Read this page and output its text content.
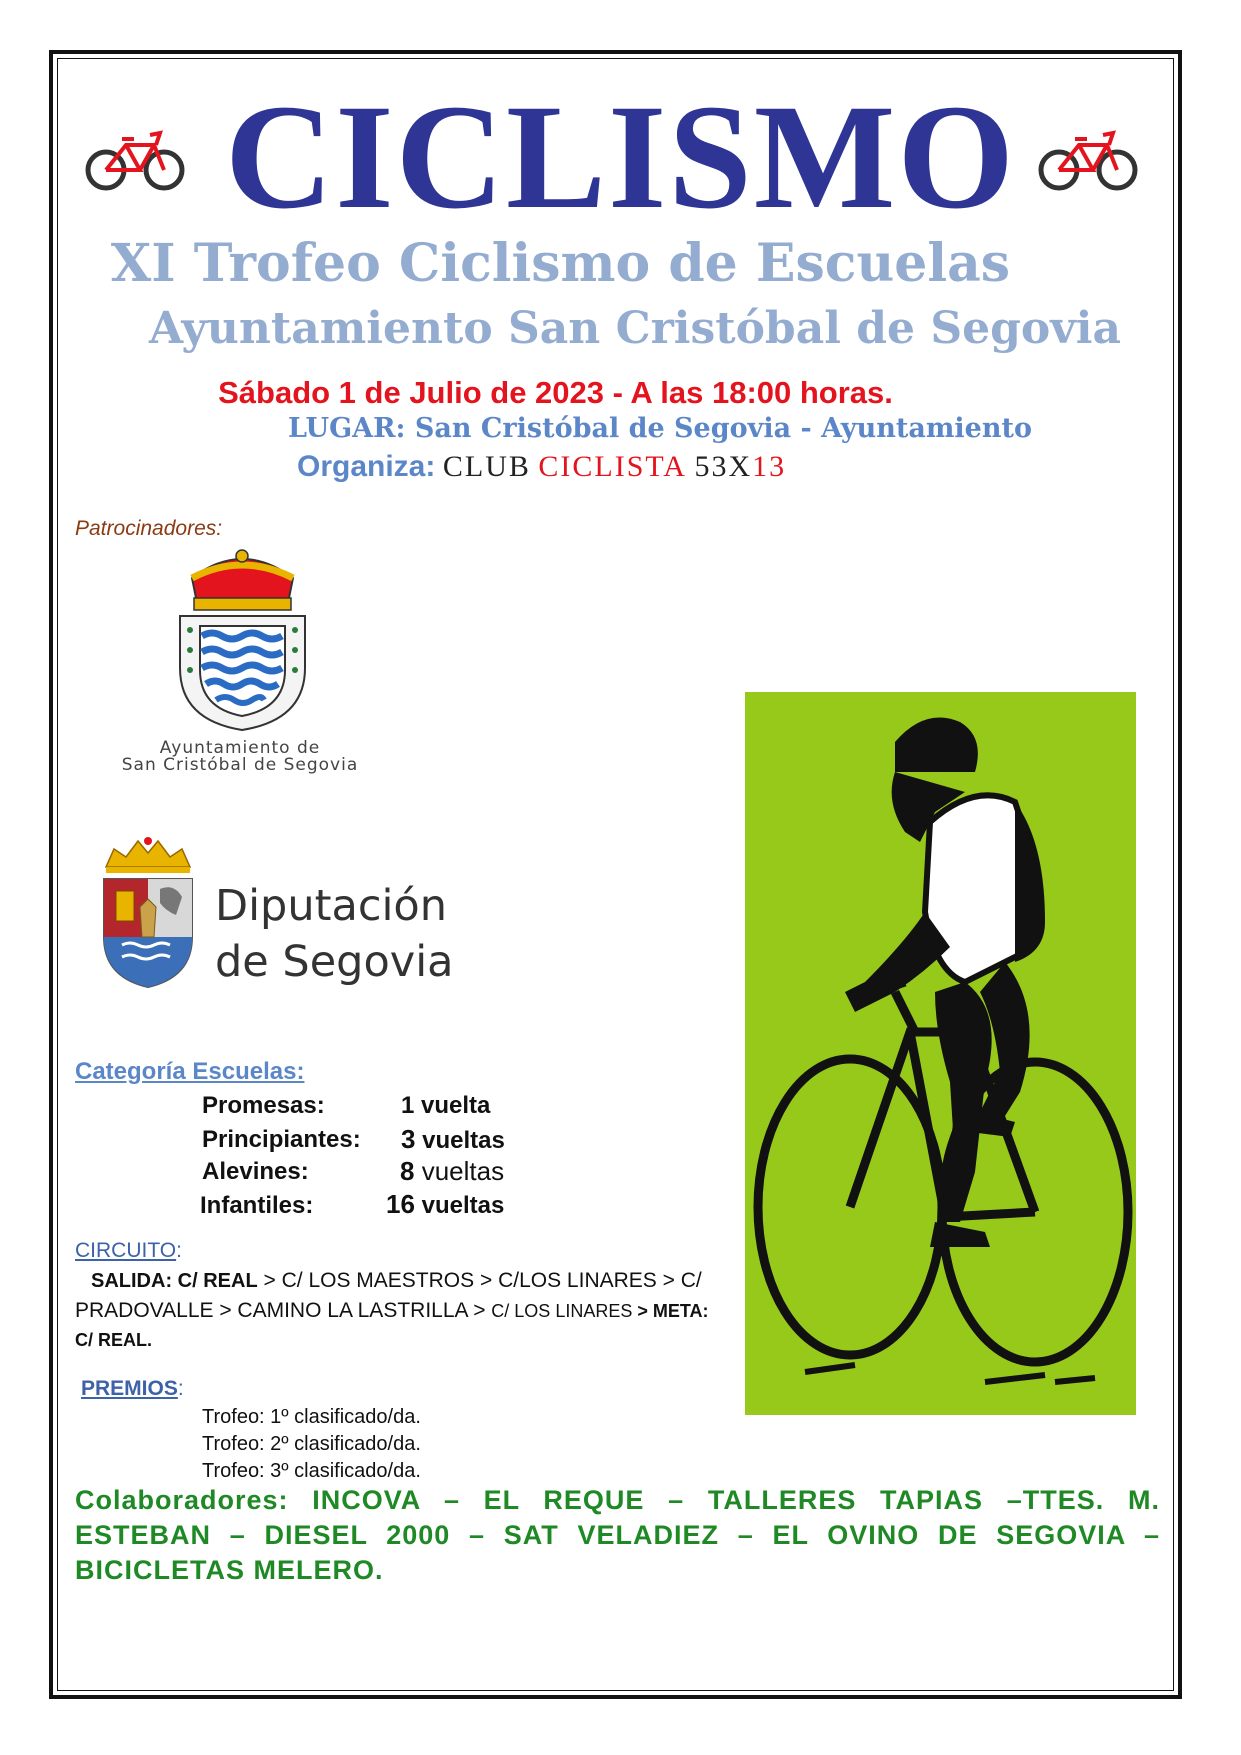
CICLISMO
XI Trofeo Ciclismo de Escuelas
Ayuntamiento San Cristóbal de Segovia
Sábado 1 de Julio de 2023 - A las 18:00 horas.
LUGAR: San Cristóbal de Segovia - Ayuntamiento
Organiza: CLUB CICLISTA 53X13
Patrocinadores:
Ayuntamiento de
San Cristóbal de Segovia
Diputación
de Segovia
Categoría Escuelas:
Promesas:	1 vuelta
Principiantes: 3 vueltas
Alevines:	8 vueltas
Infantiles:	16 vueltas
CIRCUITO:
SALIDA: C/ REAL > C/ LOS MAESTROS > C/LOS LINARES > C/
PRADOVALLE > CAMINO LA LASTRILLA > C/ LOS LINARES > META:
C/ REAL.
PREMIOS:
Trofeo: 1º clasificado/da.
Trofeo: 2º clasificado/da.
Trofeo: 3º clasificado/da.
Colaboradores: INCOVA – EL REQUE – TALLERES TAPIAS –TTES. M. ESTEBAN – DIESEL 2000 – SAT VELADIEZ – EL OVINO DE SEGOVIA – BICICLETAS MELERO.
